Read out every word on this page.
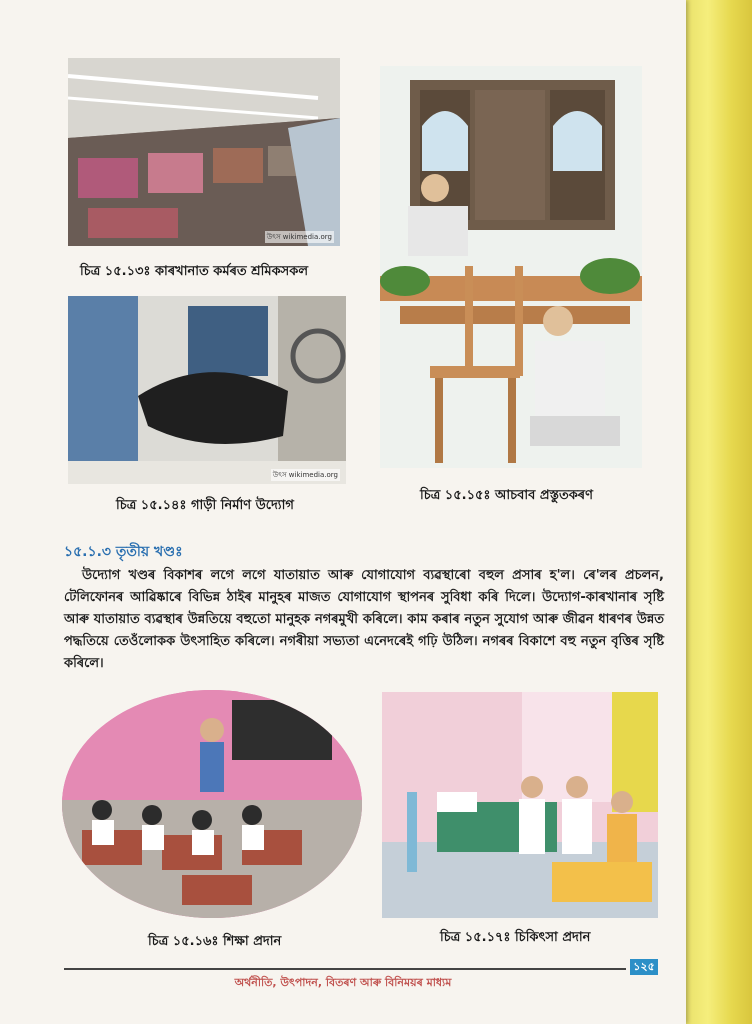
উৎস wikimedia.org
চিত্ৰ ১৫.১৩ঃ কাৰখানাত কৰ্মৰত শ্ৰমিকসকল
উৎস wikimedia.org
চিত্ৰ ১৫.১৪ঃ গাড়ী নিৰ্মাণ উদ্যোগ
চিত্ৰ ১৫.১৫ঃ আচবাব প্ৰস্তুতকৰণ
১৫.১.৩ তৃতীয় খণ্ডঃ
উদ্যোগ খণ্ডৰ বিকাশৰ লগে লগে যাতায়াত আৰু যোগাযোগ ব্যৱস্থাৰো বহুল প্ৰসাৰ হ'ল। ৰে'লৰ প্ৰচলন, টেলিফোনৰ আৱিষ্কাৰে বিভিন্ন ঠাইৰ মানুহৰ মাজত যোগাযোগ স্থাপনৰ সুবিধা কৰি দিলে। উদ্যোগ-কাৰখানাৰ সৃষ্টি আৰু যাতায়াত ব্যৱস্থাৰ উন্নতিয়ে বহুতো মানুহক নগৰমুখী কৰিলে। কাম কৰাৰ নতুন সুযোগ আৰু জীৱন ধাৰণৰ উন্নত পদ্ধতিয়ে তেওঁলোকক উৎসাহিত কৰিলে। নগৰীয়া সভ্যতা এনেদৰেই গঢ়ি উঠিল। নগৰৰ বিকাশে বহু নতুন বৃত্তিৰ সৃষ্টি কৰিলে।
চিত্ৰ ১৫.১৬ঃ শিক্ষা প্ৰদান	চিত্ৰ ১৫.১৭ঃ চিকিৎসা প্ৰদান
১২৫
অৰ্থনীতি, উৎপাদন, বিতৰণ আৰু বিনিময়ৰ মাধ্যম
